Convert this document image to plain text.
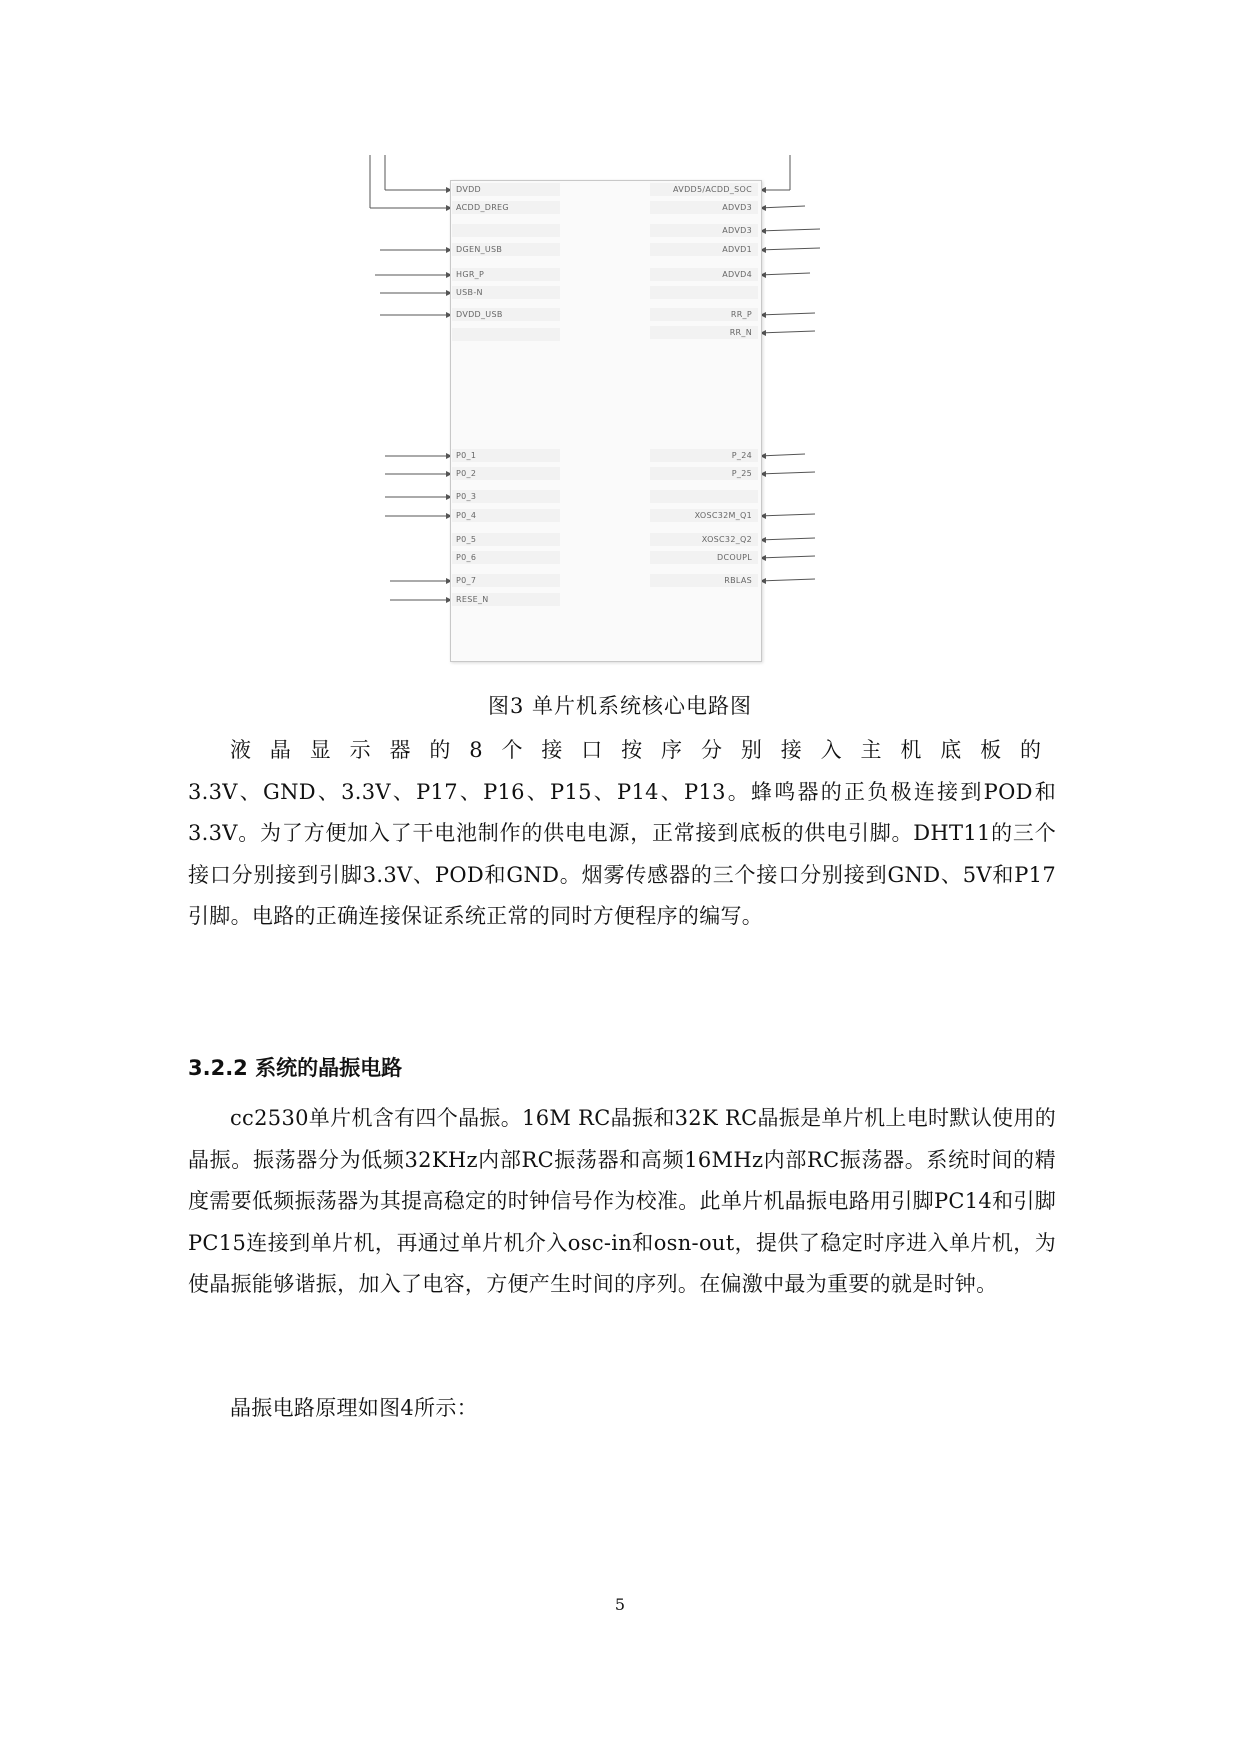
DVDD
ACDD_DREG
DGEN_USB
HGR_P
USB-N
DVDD_USB
P0_1
P0_2
P0_3
P0_4
P0_5
P0_6
P0_7
RESE_N
AVDD5/ACDD_SOC
ADVD3
ADVD3
ADVD1
ADVD4
RR_P
RR_N
P_24
P_25
XOSC32M_Q1
XOSC32_Q2
DCOUPL
RBLAS
图3 单片机系统核心电路图

液晶显示器的8个接口按序分别接入主机底板的
3.3V、GND、3.3V、P17、P16、P15、P14、P13。蜂鸣器的正负极连接到POD和3.3V。为了方便加入了干电池制作的供电电源，正常接到底板的供电引脚。DHT11的三个接口分别接到引脚3.3V、POD和GND。烟雾传感器的三个接口分别接到GND、5V和P17引脚。电路的正确连接保证系统正常的同时方便程序的编写。

3.2.2 系统的晶振电路

cc2530单片机含有四个晶振。16M RC晶振和32K RC晶振是单片机上电时默认使用的晶振。振荡器分为低频32KHz内部RC振荡器和高频16MHz内部RC振荡器。系统时间的精度需要低频振荡器为其提高稳定的时钟信号作为校准。此单片机晶振电路用引脚PC14和引脚PC15连接到单片机，再通过单片机介入osc-in和osn-out，提供了稳定时序进入单片机，为使晶振能够谐振，加入了电容，方便产生时间的序列。在偏激中最为重要的就是时钟。

晶振电路原理如图4所示：

5
